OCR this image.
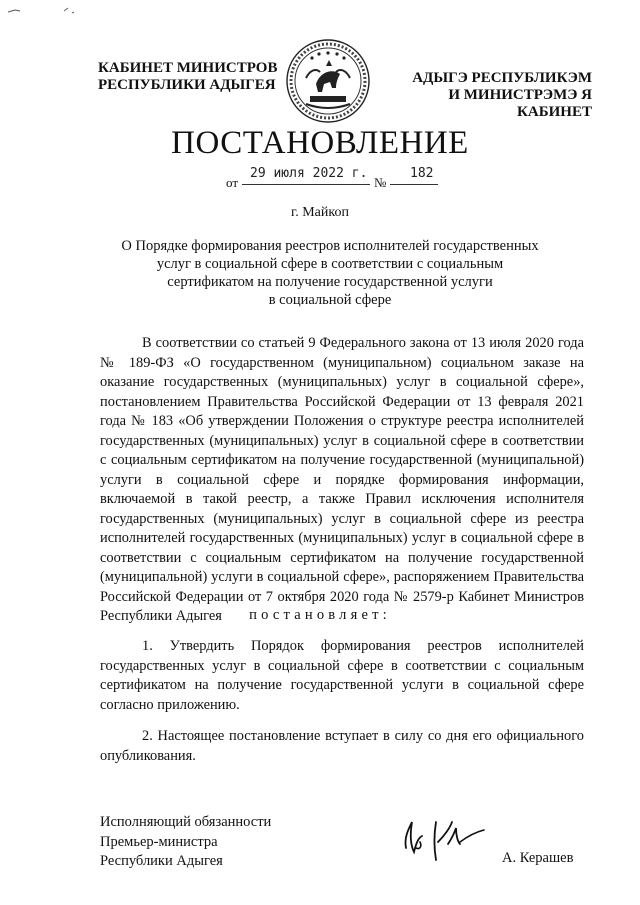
КАБИНЕТ МИНИСТРОВ
РЕСПУБЛИКИ АДЫГЕЯ	АДЫГЭ РЕСПУБЛИКЭМ
И МИНИСТРЭМЭ Я КАБИНЕТ
ПОСТАНОВЛЕНИЕ
от
29 июля 2022 г.
№
182
г. Майкоп
О Порядке формирования реестров исполнителей государственных
услуг в социальной сфере в соответствии с социальным
сертификатом на получение государственной услуги
в социальной сфере
В соответствии со статьей 9 Федерального закона от 13 июля 2020 года № 189-ФЗ «О государственном (муниципальном) социальном заказе на оказание государственных (муниципальных) услуг в социальной сфере», постановлением Правительства Российской Федерации от 13 февраля 2021 года № 183 «Об утверждении Положения о структуре реестра исполнителей государственных (муниципальных) услуг в социальной сфере в соответствии с социальным сертификатом на получение государственной (муниципальной) услуги в социальной сфере и порядке формирования информации, включаемой в такой реестр, а также Правил исключения исполнителя государственных (муниципальных) услуг в социальной сфере из реестра исполнителей государственных (муниципальных) услуг в социальной сфере в соответствии с социальным сертификатом на получение государственной (муниципальной) услуги в социальной сфере», распоряжением Правительства Российской Федерации от 7 октября 2020 года № 2579-р Кабинет Министров Республики Адыгея	постановляет:
1. Утвердить Порядок формирования реестров исполнителей государственных услуг в социальной сфере в соответствии с социальным сертификатом на получение государственной услуги в социальной сфере согласно приложению.
2. Настоящее постановление вступает в силу со дня его официального опубликования.
Исполняющий обязанности
Премьер-министра
Республики Адыгея	А. Керашев
